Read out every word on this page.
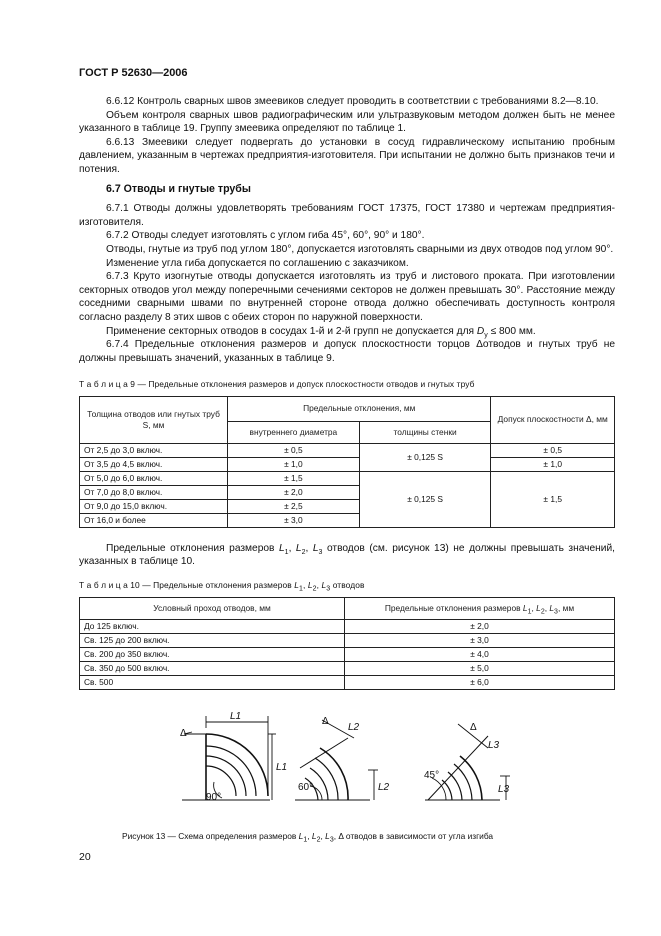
ГОСТ Р 52630—2006

6.6.12 Контроль сварных швов змеевиков следует проводить в соответствии с требованиями 8.2—8.10.

Объем контроля сварных швов радиографическим или ультразвуковым методом должен быть не менее указанного в таблице 19. Группу змеевика определяют по таблице 1.

6.6.13 Змеевики следует подвергать до установки в сосуд гидравлическому испытанию пробным давлением, указанным в чертежах предприятия-изготовителя. При испытании не должно быть признаков течи и потения.

6.7 Отводы и гнутые трубы

6.7.1 Отводы должны удовлетворять требованиям ГОСТ 17375, ГОСТ 17380 и чертежам предприятия-изготовителя.

6.7.2 Отводы следует изготовлять с углом гиба 45°, 60°, 90° и 180°.

Отводы, гнутые из труб под углом 180°, допускается изготовлять сварными из двух отводов под углом 90°.

Изменение угла гиба допускается по соглашению с заказчиком.

6.7.3 Круто изогнутые отводы допускается изготовлять из труб и листового проката. При изготовлении секторных отводов угол между поперечными сечениями секторов не должен превышать 30°. Расстояние между соседними сварными швами по внутренней стороне отвода должно обеспечивать доступность контроля согласно разделу 8 этих швов с обеих сторон по наружной поверхности.

Применение секторных отводов в сосудах 1-й и 2-й групп не допускается для $D_у \le 800$ мм.

6.7.4 Предельные отклонения размеров и допуск плоскостности торцов Δотводов и гнутых труб не должны превышать значений, указанных в таблице 9.

Т а б л и ц а 9 — Предельные отклонения размеров и допуск плоскостности отводов и гнутых труб

Толщина отводов или гнутых труб S, мм	Предельные отклонения, мм		Допуск плоскостности Δ, мм
	внутреннего диаметра	толщины стенки	
От 2,5 до 3,0 включ.	± 0,5	± 0,125 S	± 0,5
От 3,5 до 4,5 включ.	± 1,0		± 1,0
От 5,0 до 6,0 включ.	± 1,5	± 0,125 S	± 1,5
От 7,0 до 8,0 включ.	± 2,0		
От 9,0 до 15,0 включ.	± 2,5		
От 16,0 и более	± 3,0		

Предельные отклонения размеров $L_1$, $L_2$, $L_3$ отводов (см. рисунок 13) не должны превышать значений, указанных в таблице 10.

Т а б л и ц а 10 — Предельные отклонения размеров $L_1$, $L_2$, $L_3$ отводов

Условный проход отводов, мм	Предельные отклонения размеров $L_1$, $L_2$, $L_3$, мм
До 125 включ.	± 2,0
Св. 125 до 200 включ.	± 3,0
Св. 200 до 350 включ.	± 4,0
Св. 350 до 500 включ.	± 5,0
Св. 500	± 6,0
Δ
L1
L1
90°
Δ
L2
L2
60°
Δ
L3
L3
45°
Рисунок 13 — Схема определения размеров $L_1$, $L_2$, $L_3$, Δ отводов в зависимости от угла изгиба
20
